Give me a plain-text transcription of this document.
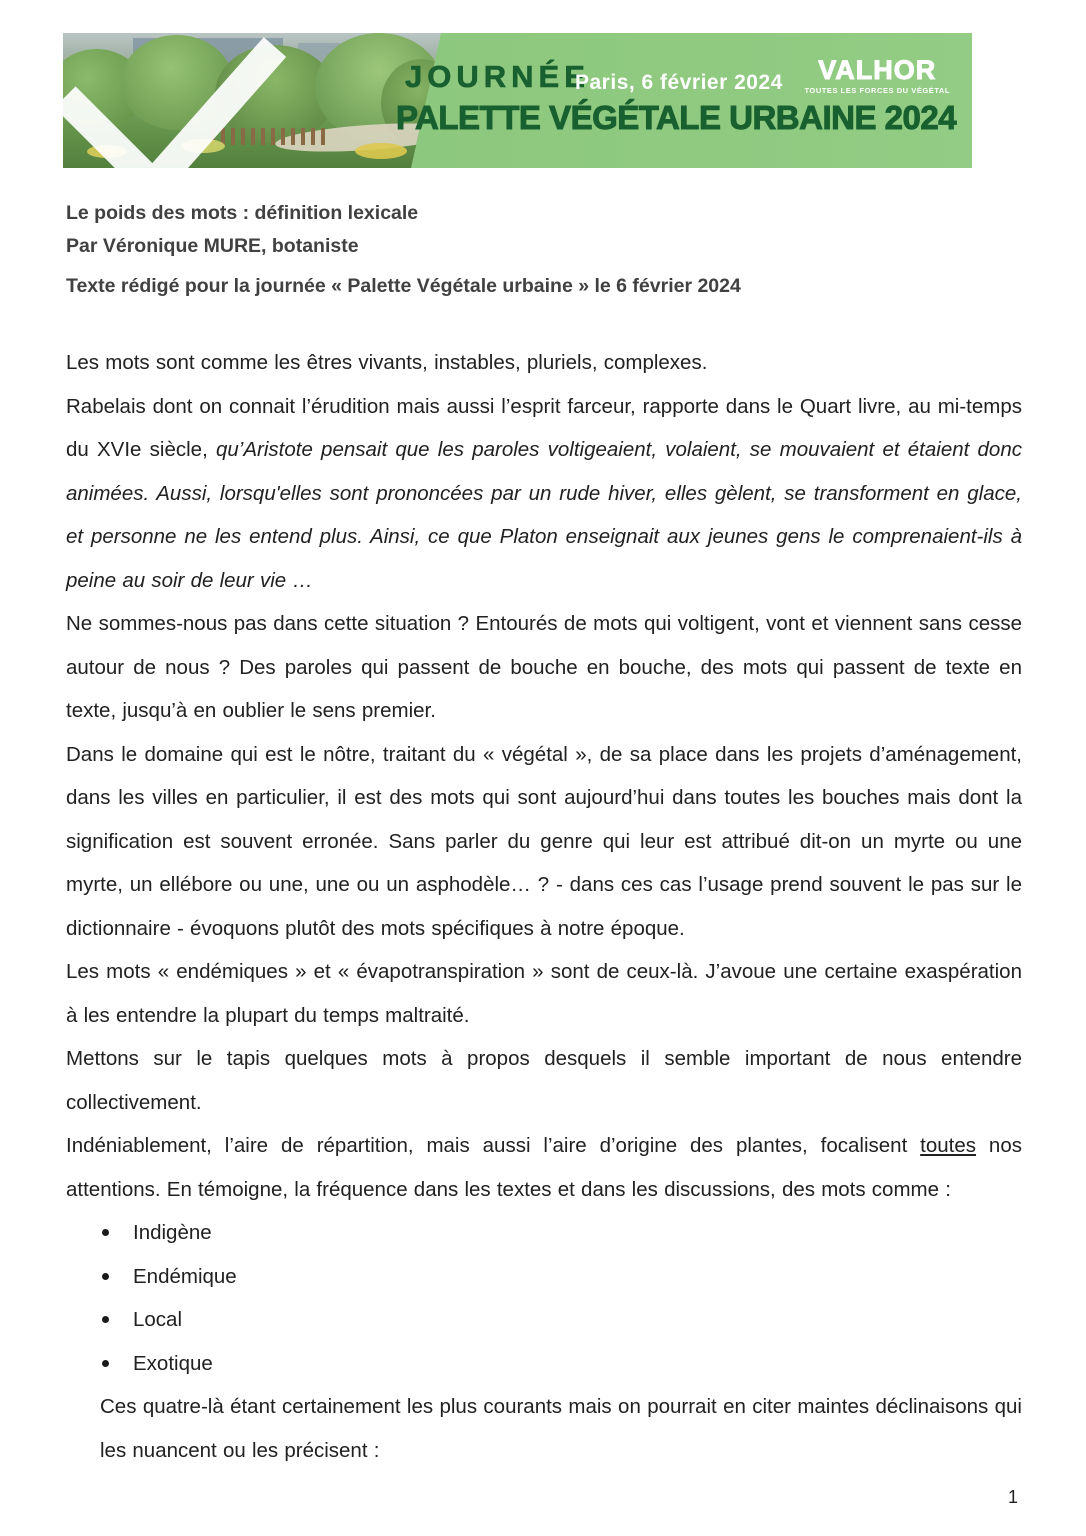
JOURNÉE
Paris, 6 février 2024
PALETTE VÉGÉTALE URBAINE 2024
VALHOR
TOUTES LES FORCES DU VÉGÉTAL
Le poids des mots : définition lexicale
Par Véronique MURE, botaniste
Texte rédigé pour la journée « Palette Végétale urbaine » le 6 février 2024

Les mots sont comme les êtres vivants, instables, pluriels, complexes.

Rabelais dont on connait l’érudition mais aussi l’esprit farceur, rapporte dans le Quart livre, au mi-temps du XVIe siècle, qu’Aristote pensait que les paroles voltigeaient, volaient, se mouvaient et étaient donc animées. Aussi, lorsqu'elles sont prononcées par un rude hiver, elles gèlent, se transforment en glace, et personne ne les entend plus. Ainsi, ce que Platon enseignait aux jeunes gens le comprenaient-ils à peine au soir de leur vie …

Ne sommes-nous pas dans cette situation ? Entourés de mots qui voltigent, vont et viennent sans cesse autour de nous ? Des paroles qui passent de bouche en bouche, des mots qui passent de texte en texte, jusqu’à en oublier le sens premier.

Dans le domaine qui est le nôtre, traitant du « végétal », de sa place dans les projets d’aménagement, dans les villes en particulier, il est des mots qui sont aujourd’hui dans toutes les bouches mais dont la signification est souvent erronée. Sans parler du genre qui leur est attribué dit-on un myrte ou une myrte, un ellébore ou une, une ou un asphodèle… ? - dans ces cas l’usage prend souvent le pas sur le dictionnaire - évoquons plutôt des mots spécifiques à notre époque.

Les mots « endémiques » et « évapotranspiration » sont de ceux-là. J’avoue une certaine exaspération à les entendre la plupart du temps maltraité.

Mettons sur le tapis quelques mots à propos desquels il semble important de nous entendre collectivement.

Indéniablement, l’aire de répartition, mais aussi l’aire d’origine des plantes, focalisent toutes nos attentions. En témoigne, la fréquence dans les textes et dans les discussions, des mots comme :

Indigène
Endémique
Local
Exotique

Ces quatre-là étant certainement les plus courants mais on pourrait en citer maintes déclinaisons qui les nuancent ou les précisent :

1
